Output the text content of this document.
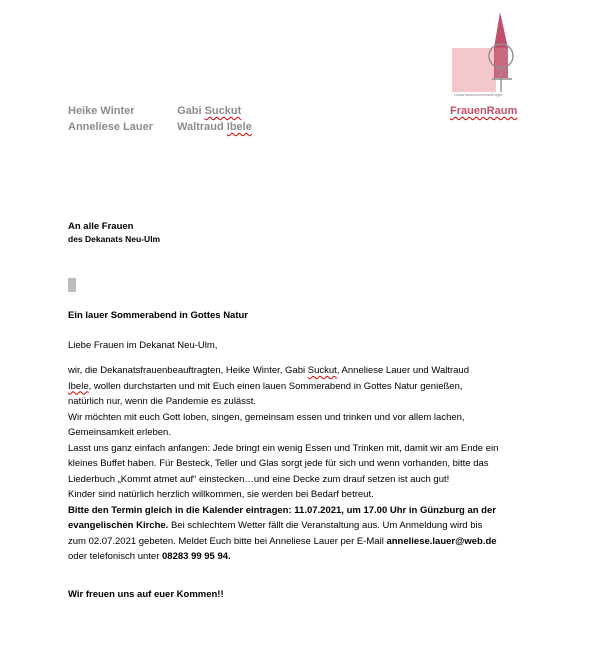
Dekanatsfrauenbeauftragte
Heike Winter	Gabi Suckut
Anneliese Lauer Waltraud Ibele
FrauenRaum
An alle Frauen
des Dekanats Neu-Ulm
Ein lauer Sommerabend in Gottes Natur
Liebe Frauen im Dekanat Neu-Ulm,
wir, die Dekanatsfrauenbeauftragten, Heike Winter, Gabi Suckut, Anneliese Lauer und Waltraud
Ibele, wollen durchstarten und mit Euch einen lauen Sommerabend in Gottes Natur genießen,
natürlich nur, wenn die Pandemie es zulässt.
Wir möchten mit euch Gott loben, singen, gemeinsam essen und trinken und vor allem lachen,
Gemeinsamkeit erleben.
Lasst uns ganz einfach anfangen: Jede bringt ein wenig Essen und Trinken mit, damit wir am Ende ein
kleines Buffet haben. Für Besteck, Teller und Glas sorgt jede für sich und wenn vorhanden, bitte das
Liederbuch „Kommt atmet auf“ einstecken…und eine Decke zum drauf setzen ist auch gut!
Kinder sind natürlich herzlich willkommen, sie werden bei Bedarf betreut.
Bitte den Termin gleich in die Kalender eintragen: 11.07.2021, um 17.00 Uhr in Günzburg an der
evangelischen Kirche. Bei schlechtem Wetter fällt die Veranstaltung aus. Um Anmeldung wird bis
zum 02.07.2021 gebeten. Meldet Euch bitte bei Anneliese Lauer per E-Mail anneliese.lauer@web.de
oder telefonisch unter 08283 99 95 94.
Wir freuen uns auf euer Kommen!!
